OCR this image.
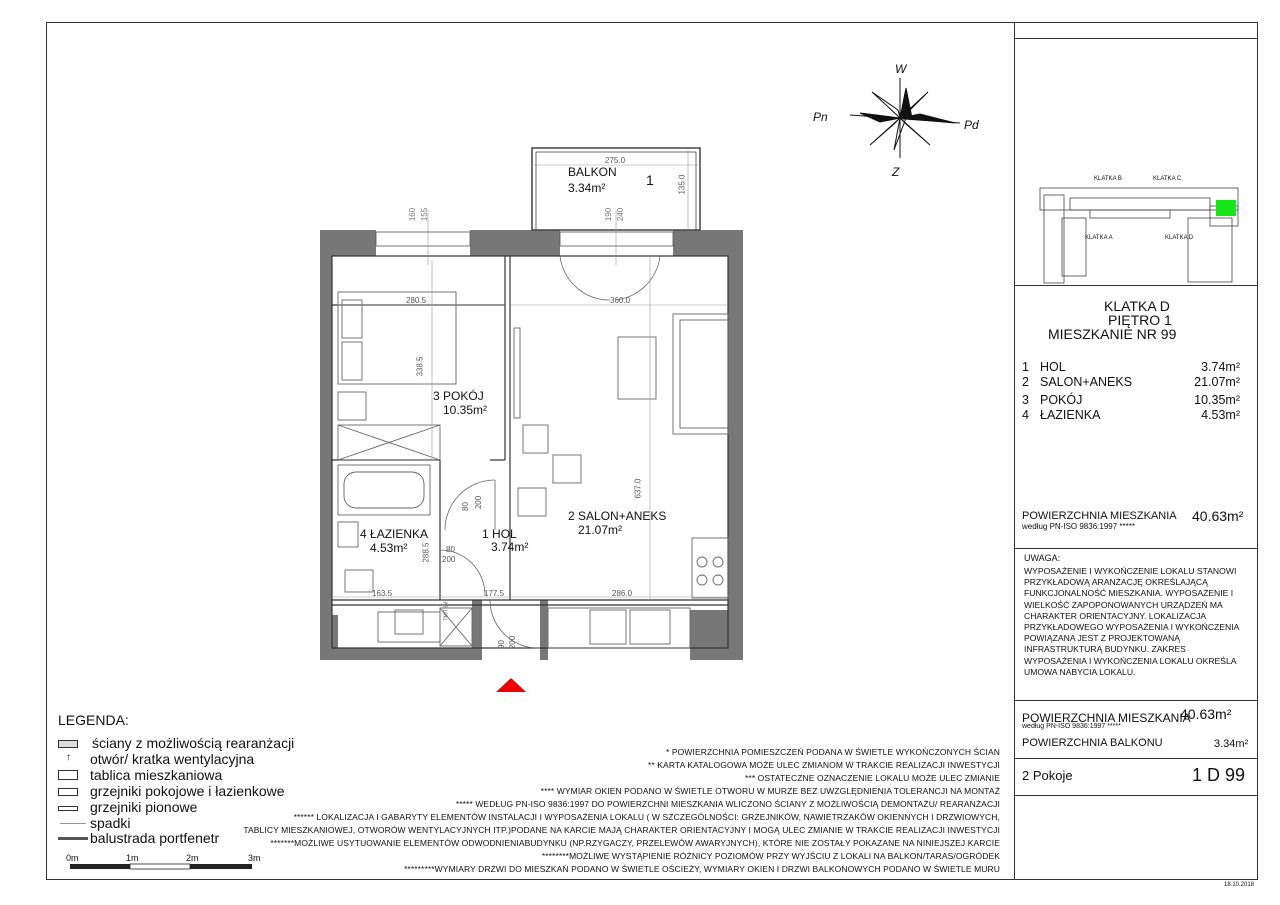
W
Z
Pn
Pd
BALKON
3.34m²	1
275.0
135.0
160 155	190 240
280.5	360.0
338.5
637.0
163.5	177.5	286.0
288.5
80 200
80
200
90 200
TM/TSM
3 POKÓJ
10.35m²
4 ŁAZIENKA
4.53m²
1 HOL
3.74m²
2 SALON+ANEKS
21.07m²
LEGENDA:
ściany z możliwością rearanżacji
↑ otwór/ kratka wentylacyjna
tablica mieszkaniowa
grzejniki pokojowe i łazienkowe
grzejniki pionowe
spadki
balustrada portfenetr
0m	1m	2m	3m
* POWIERZCHNIA POMIESZCZEŃ PODANA W ŚWIETLE WYKOŃCZONYCH ŚCIAN
** KARTA KATALOGOWA MOŻE ULEC ZMIANOM W TRAKCIE REALIZACJI INWESTYCJI
*** OSTATECZNE OZNACZENIE LOKALU MOŻE ULEC ZMIANIE
**** WYMIAR OKIEN PODANO W ŚWIETLE OTWORU W MURZE BEZ UWZGLĘDNIENIA TOLERANCJI NA MONTAŻ
***** WEDŁUG PN-ISO 9836:1997 DO POWIERZCHNI MIESZKANIA WLICZONO ŚCIANY Z MOŻLIWOŚCIĄ DEMONTAŻU/ REARANŻACJI
****** LOKALIZACJA I GABARYTY ELEMENTÓW INSTALACJI I WYPOSAŻENIA LOKALU ( W SZCZEGÓLNOŚCI: GRZEJNIKÓW, NAWIETRZAKÓW OKIENNYCH I DRZWIOWYCH,
TABLICY MIESZKANIOWEJ, OTWORÓW WENTYLACYJNYCH ITP.)PODANE NA KARCIE MAJĄ CHARAKTER ORIENTACYJNY I MOGĄ ULEC ZMIANIE W TRAKCIE REALIZACJI INWESTYCJI
*******MOŻLIWE USYTUOWANIE ELEMENTÓW ODWODNIENIABUDYNKU (NP.RZYGACZY, PRZELEWÓW AWARYJNYCH), KTÓRE NIE ZOSTAŁY POKAZANE NA NINIEJSZEJ KARCIE
********MOŻLIWE WYSTĄPIENIE RÓŻNICY POZIOMÓW PRZY WYJŚCIU Z LOKALI NA BALKON/TARAS/OGRÓDEK
*********WYMIARY DRZWI DO MIESZKAŃ PODANO W ŚWIETLE OŚCIEŻY, WYMIARY OKIEN I DRZWI BALKONOWYCH PODANO W ŚWIETLE MURU
KLATKA B	KLATKA C
KLATKA A	KLATKA D
KLATKA D
PIĘTRO 1
MIESZKANIE NR 99
1 HOL	3.74m²
2 SALON+ANEKS	21.07m²
3 POKÓJ	10.35m²
4 ŁAZIENKA	4.53m²
POWIERZCHNIA MIESZKANIA
według PN-ISO 9836:1997 *****
40.63m²
UWAGA:
WYPOSAŻENIE I WYKOŃCZENIE LOKALU STANOWI PRZYKŁADOWĄ ARANŻACJĘ OKREŚLAJĄCĄ FUNKCJONALNOŚĆ MIESZKANIA. WYPOSAŻENIE I WIELKOŚĆ ZAPOPONOWANYCH URZĄDZEŃ MA CHARAKTER ORIENTACYJNY. LOKALIZACJA PRZYKŁADOWEGO WYPOSAŻENIA I WYKOŃCZENIA POWIĄZANA JEST Z PROJEKTOWANĄ INFRASTRUKTURĄ BUDYNKU. ZAKRES WYPOSAŻENIA I WYKOŃCZENIA LOKALU OKREŚLA UMOWA NABYCIA LOKALU.
POWIERZCHNIA MIESZKANIA
według PN-ISO 9836:1997 *****
40.63m²
POWIERZCHNIA BALKONU	3.34m²
2 Pokoje	1 D 99
18.10.2018
